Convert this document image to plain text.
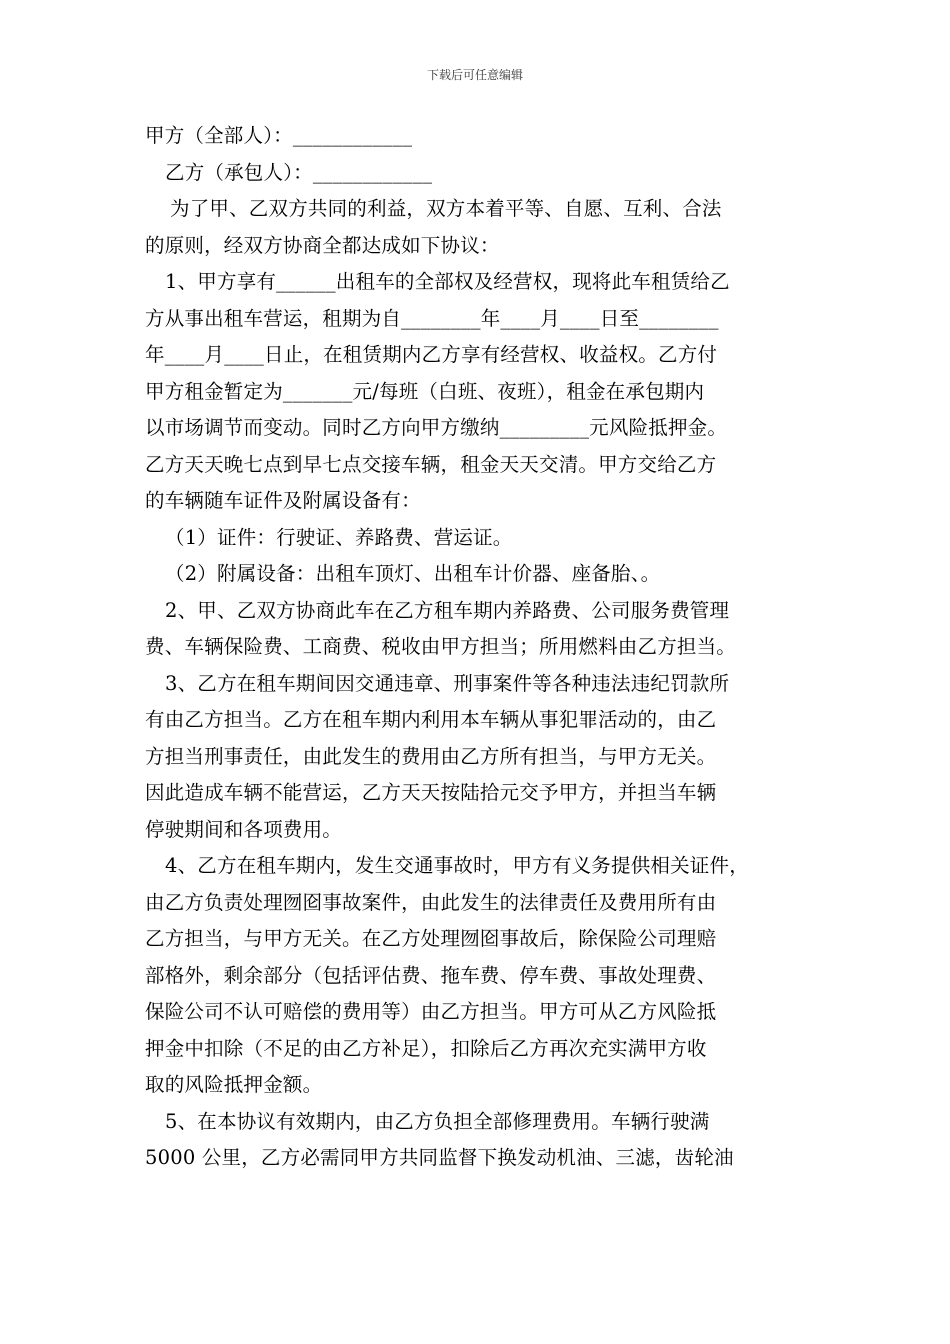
下载后可任意编辑
甲方（全部人）：____________
乙方（承包人）：____________
为了甲、乙双方共同的利益，双方本着平等、自愿、互利、合法
的原则，经双方协商全都达成如下协议：
1、甲方享有______出租车的全部权及经营权，现将此车租赁给乙
方从事出租车营运，租期为自________年____月____日至________
年____月____日止，在租赁期内乙方享有经营权、收益权。乙方付
甲方租金暂定为_______元/每班（白班、夜班），租金在承包期内
以市场调节而变动。同时乙方向甲方缴纳_________元风险抵押金。
乙方天天晚七点到早七点交接车辆，租金天天交清。甲方交给乙方
的车辆随车证件及附属设备有：
（1）证件：行驶证、养路费、营运证。
（2）附属设备：出租车顶灯、出租车计价器、座备胎、。
2、甲、乙双方协商此车在乙方租车期内养路费、公司服务费管理
费、车辆保险费、工商费、税收由甲方担当；所用燃料由乙方担当。
3、乙方在租车期间因交通违章、刑事案件等各种违法违纪罚款所
有由乙方担当。乙方在租车期内利用本车辆从事犯罪活动的，由乙
方担当刑事责任，由此发生的费用由乙方所有担当，与甲方无关。
因此造成车辆不能营运，乙方天天按陆拾元交予甲方，并担当车辆
停驶期间和各项费用。
4、乙方在租车期内，发生交通事故时，甲方有义务提供相关证件，
由乙方负责处理囫囵事故案件，由此发生的法律责任及费用所有由
乙方担当，与甲方无关。在乙方处理囫囵事故后，除保险公司理赔
部格外，剩余部分（包括评估费、拖车费、停车费、事故处理费、
保险公司不认可赔偿的费用等）由乙方担当。甲方可从乙方风险抵
押金中扣除（不足的由乙方补足），扣除后乙方再次充实满甲方收
取的风险抵押金额。
5、在本协议有效期内，由乙方负担全部修理费用。车辆行驶满
5000 公里，乙方必需同甲方共同监督下换发动机油、三滤，齿轮油
